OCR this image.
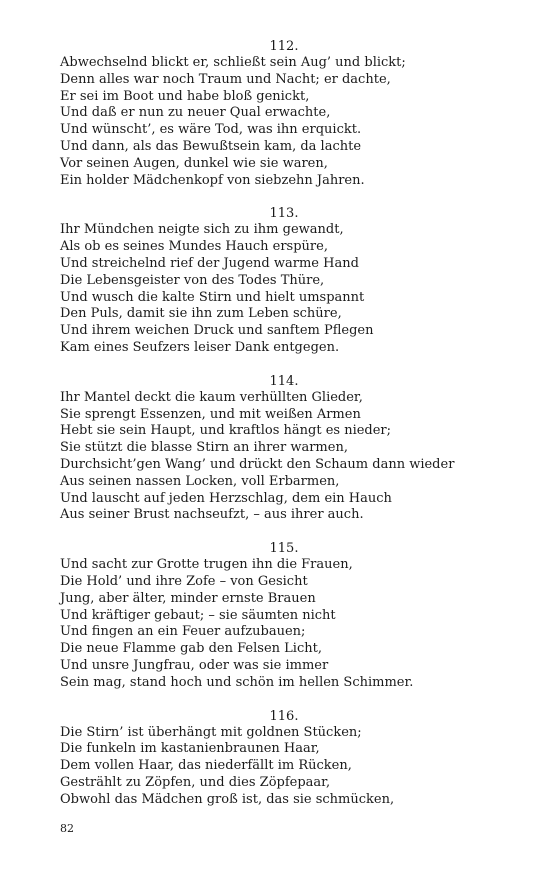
112.
Abwechselnd blickt er, schließt sein Aug’ und blickt;
Denn alles war noch Traum und Nacht; er dachte,
Er sei im Boot und habe bloß genickt,
Und daß er nun zu neuer Qual erwachte,
Und wünscht’, es wäre Tod, was ihn erquickt.
Und dann, als das Bewußtsein kam, da lachte
Vor seinen Augen, dunkel wie sie waren,
Ein holder Mädchenkopf von siebzehn Jahren.
113.
Ihr Mündchen neigte sich zu ihm gewandt,
Als ob es seines Mundes Hauch erspüre,
Und streichelnd rief der Jugend warme Hand
Die Lebensgeister von des Todes Thüre,
Und wusch die kalte Stirn und hielt umspannt
Den Puls, damit sie ihn zum Leben schüre,
Und ihrem weichen Druck und sanftem Pflegen
Kam eines Seufzers leiser Dank entgegen.
114.
Ihr Mantel deckt die kaum verhüllten Glieder,
Sie sprengt Essenzen, und mit weißen Armen
Hebt sie sein Haupt, und kraftlos hängt es nieder;
Sie stützt die blasse Stirn an ihrer warmen,
Durchsicht’gen Wang’ und drückt den Schaum dann wieder
Aus seinen nassen Locken, voll Erbarmen,
Und lauscht auf jeden Herzschlag, dem ein Hauch
Aus seiner Brust nachseufzt, – aus ihrer auch.
115.
Und sacht zur Grotte trugen ihn die Frauen,
Die Hold’ und ihre Zofe – von Gesicht
Jung, aber älter, minder ernste Brauen
Und kräftiger gebaut; – sie säumten nicht
Und fingen an ein Feuer aufzubauen;
Die neue Flamme gab den Felsen Licht,
Und unsre Jungfrau, oder was sie immer
Sein mag, stand hoch und schön im hellen Schimmer.
116.
Die Stirn’ ist überhängt mit goldnen Stücken;
Die funkeln im kastanienbraunen Haar,
Dem vollen Haar, das niederfällt im Rücken,
Gestrählt zu Zöpfen, und dies Zöpfepaar,
Obwohl das Mädchen groß ist, das sie schmücken,
82
